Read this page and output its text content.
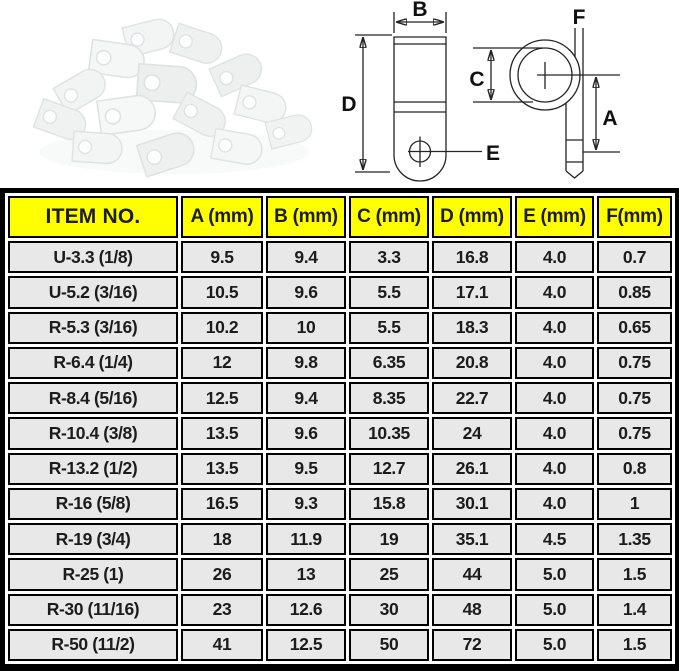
B
D
E
F
C
A
ITEM NO.	A (mm)	B (mm)	C (mm)	D (mm)	E (mm)	F(mm)
U-3.3 (1/8)	9.5	9.4	3.3	16.8	4.0	0.7
U-5.2 (3/16)	10.5	9.6	5.5	17.1	4.0	0.85
R-5.3 (3/16)	10.2	10	5.5	18.3	4.0	0.65
R-6.4 (1/4)	12	9.8	6.35	20.8	4.0	0.75
R-8.4 (5/16)	12.5	9.4	8.35	22.7	4.0	0.75
R-10.4 (3/8)	13.5	9.6	10.35	24	4.0	0.75
R-13.2 (1/2)	13.5	9.5	12.7	26.1	4.0	0.8
R-16 (5/8)	16.5	9.3	15.8	30.1	4.0	1
R-19 (3/4)	18	11.9	19	35.1	4.5	1.35
R-25 (1)	26	13	25	44	5.0	1.5
R-30 (11/16)	23	12.6	30	48	5.0	1.4
R-50 (11/2)	41	12.5	50	72	5.0	1.5
